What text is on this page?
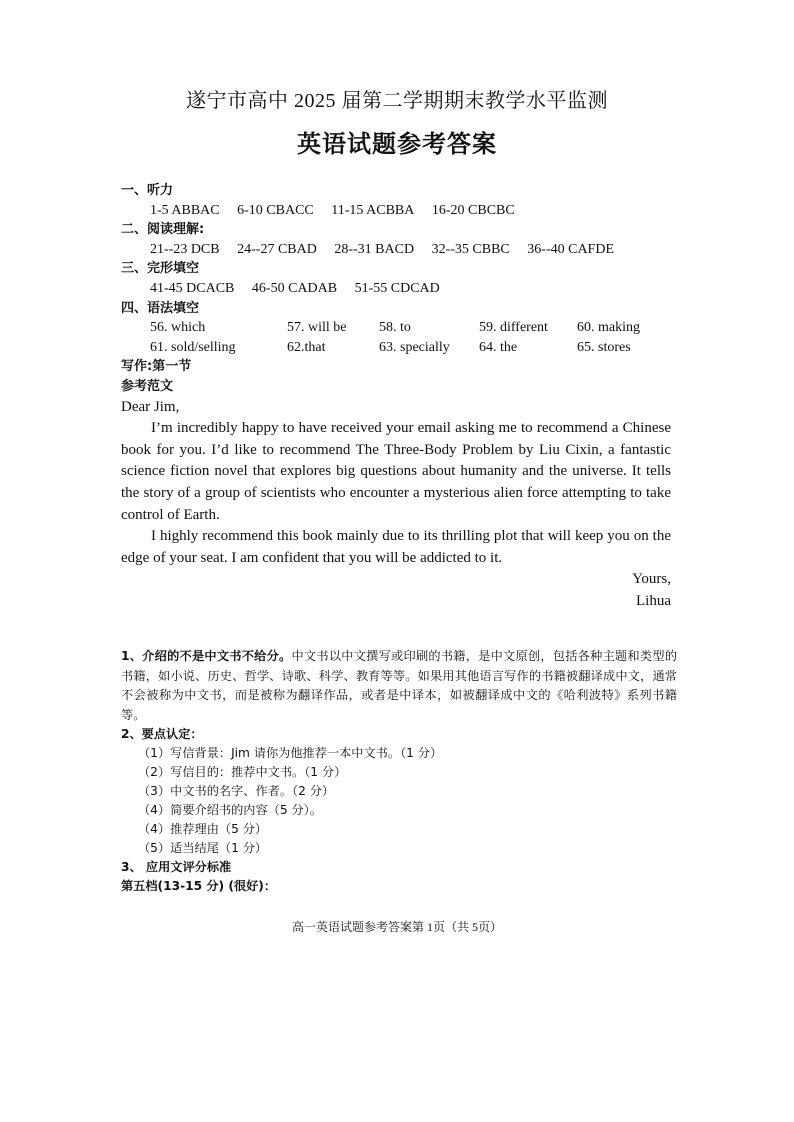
遂宁市高中 2025 届第二学期期末教学水平监测
英语试题参考答案
一、听力
1-5 ABBAC 6-10 CBACC 11-15 ACBBA 16-20 CBCBC
二、阅读理解:
21--23 DCB 24--27 CBAD 28--31 BACD 32--35 CBBC 36--40 CAFDE
三、完形填空
41-45 DCACB 46-50 CADAB 51-55 CDCAD
四、语法填空
56. which	57. will be	58. to	59. different	60. making
61. sold/selling	62.that	63. specially	64. the	65. stores
写作:第一节
参考范文
Dear Jim,

I’m incredibly happy to have received your email asking me to recommend a Chinese book for you. I’d like to recommend The Three-Body Problem by Liu Cixin, a fantastic science fiction novel that explores big questions about humanity and the universe. It tells the story of a group of scientists who encounter a mysterious alien force attempting to take control of Earth.

I highly recommend this book mainly due to its thrilling plot that will keep you on the edge of your seat. I am confident that you will be addicted to it.

Yours,
Lihua

1、介绍的不是中文书不给分。中文书以中文撰写或印刷的书籍，是中文原创，包括各种主题和类型的书籍，如小说、历史、哲学、诗歌、科学、教育等等。如果用其他语言写作的书籍被翻译成中文，通常不会被称为中文书，而是被称为翻译作品，或者是中译本，如被翻译成中文的《哈利波特》系列书籍等。

2、要点认定：
（1）写信背景：Jim 请你为他推荐一本中文书。（1 分）
（2）写信目的：推荐中文书。（1 分）
（3）中文书的名字、作者。（2 分）
（4）简要介绍书的内容（5 分）。
（4）推荐理由（5 分）
（5）适当结尾（1 分）
3、 应用文评分标准
第五档(13-15 分) (很好)：
高一英语试题参考答案第 1页（共 5页）
